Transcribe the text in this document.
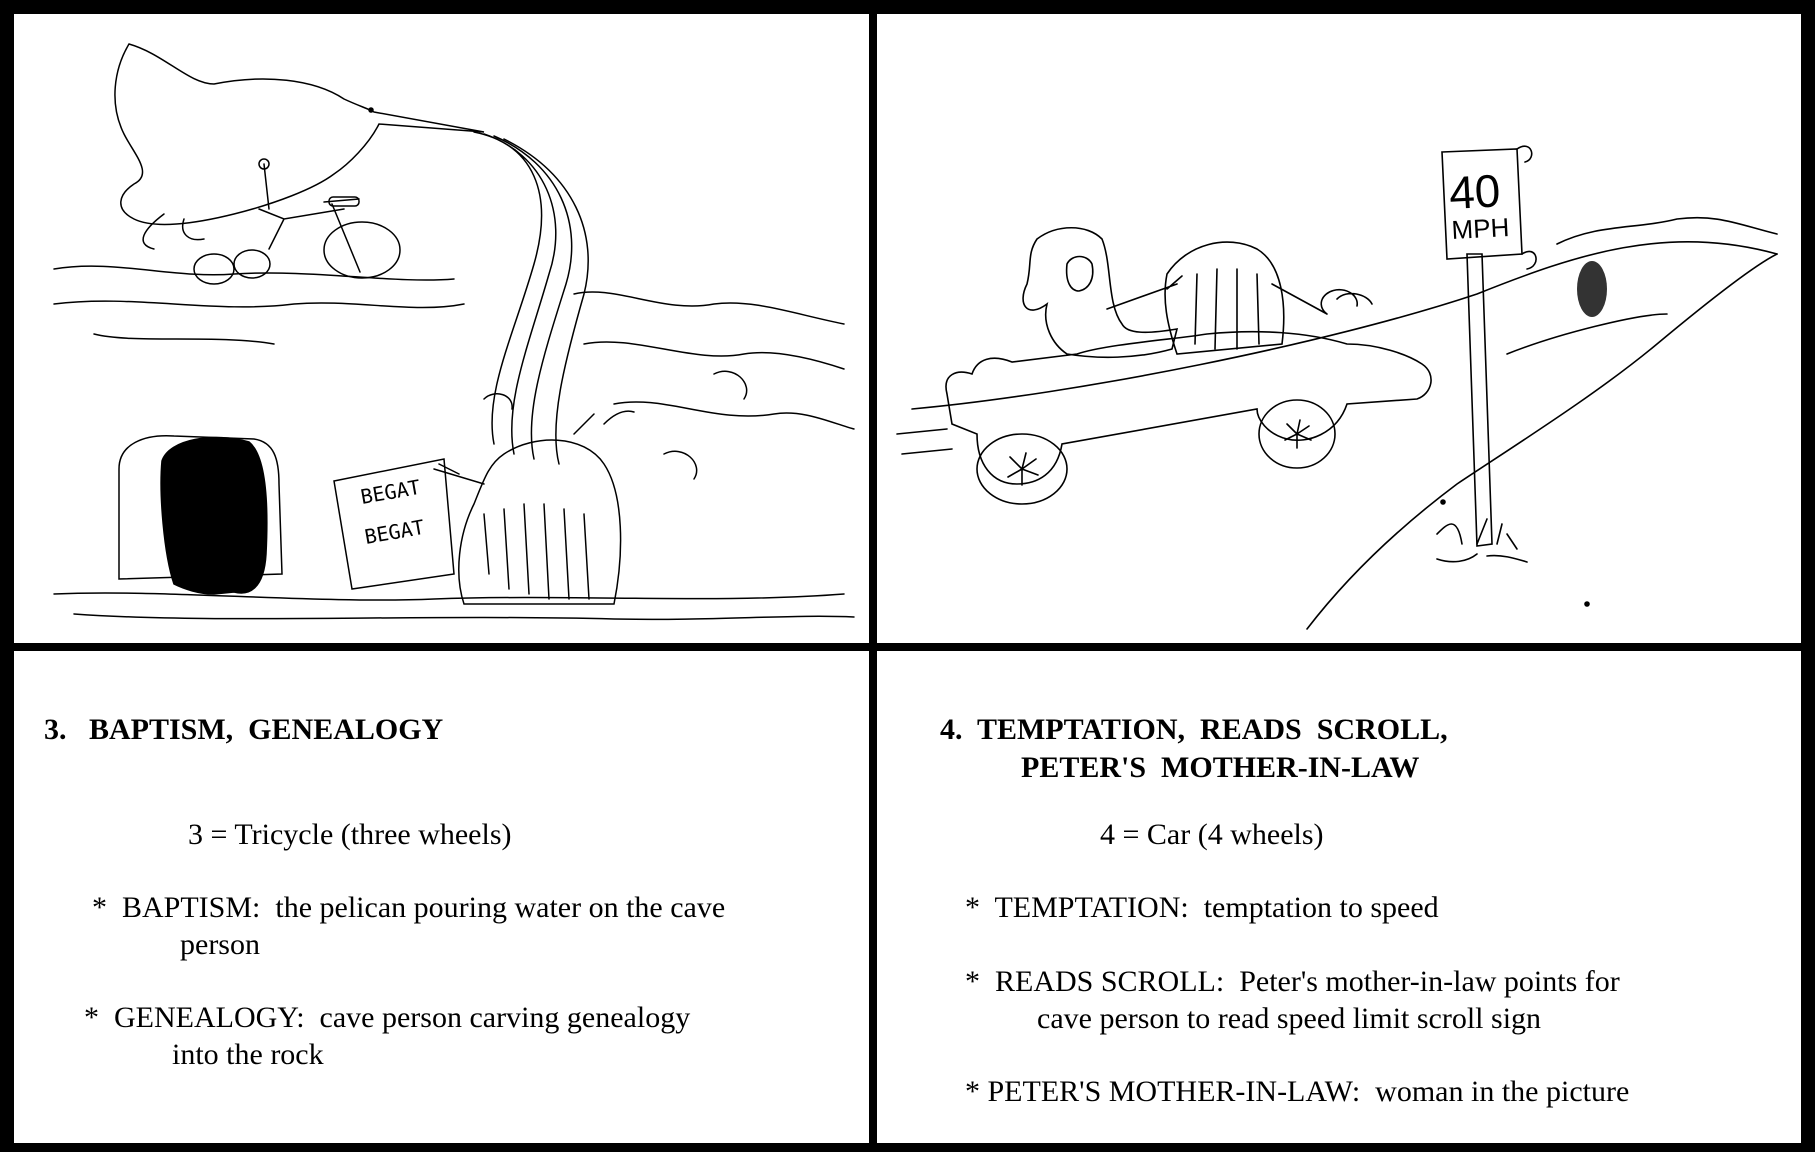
BEGAT
BEGAT
40
MPH
3.   BAPTISM,  GENEALOGY
3 = Tricycle (three wheels)
*  BAPTISM:  the pelican pouring water on the cave
person
*  GENEALOGY:  cave person carving genealogy
into the rock
4.  TEMPTATION,  READS  SCROLL,
PETER'S  MOTHER-IN-LAW
4 = Car (4 wheels)
*  TEMPTATION:  temptation to speed
*  READS SCROLL:  Peter's mother-in-law points for
cave person to read speed limit scroll sign
* PETER'S MOTHER-IN-LAW:  woman in the picture
